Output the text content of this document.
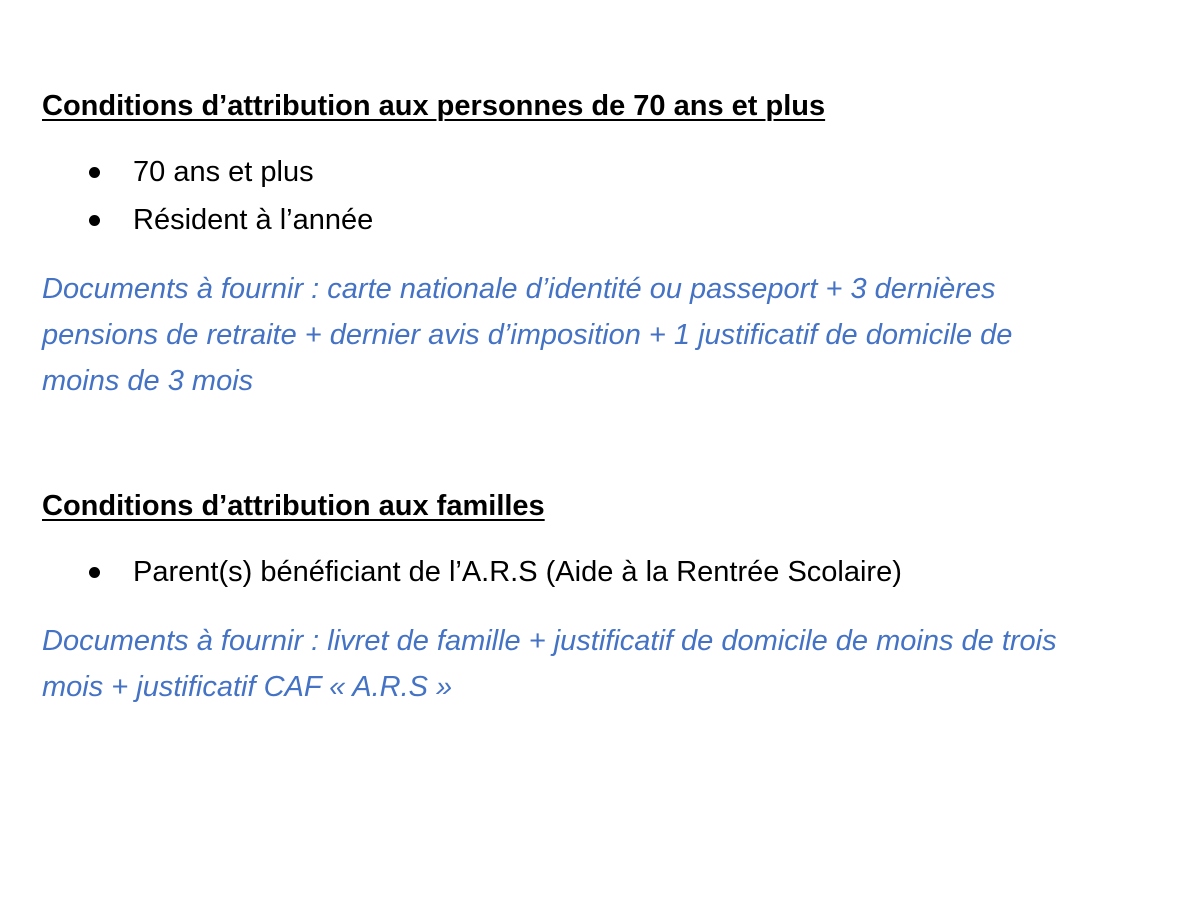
Conditions d’attribution aux personnes de 70 ans et plus
70 ans et plus
Résident à l’année

Documents à fournir : carte nationale d’identité ou passeport + 3 dernières
pensions de retraite + dernier avis d’imposition + 1 justificatif de domicile de
moins de 3 mois

Conditions d’attribution aux familles
Parent(s) bénéficiant de l’A.R.S (Aide à la Rentrée Scolaire)

Documents à fournir : livret de famille + justificatif de domicile de moins de trois
mois + justificatif CAF « A.R.S »
